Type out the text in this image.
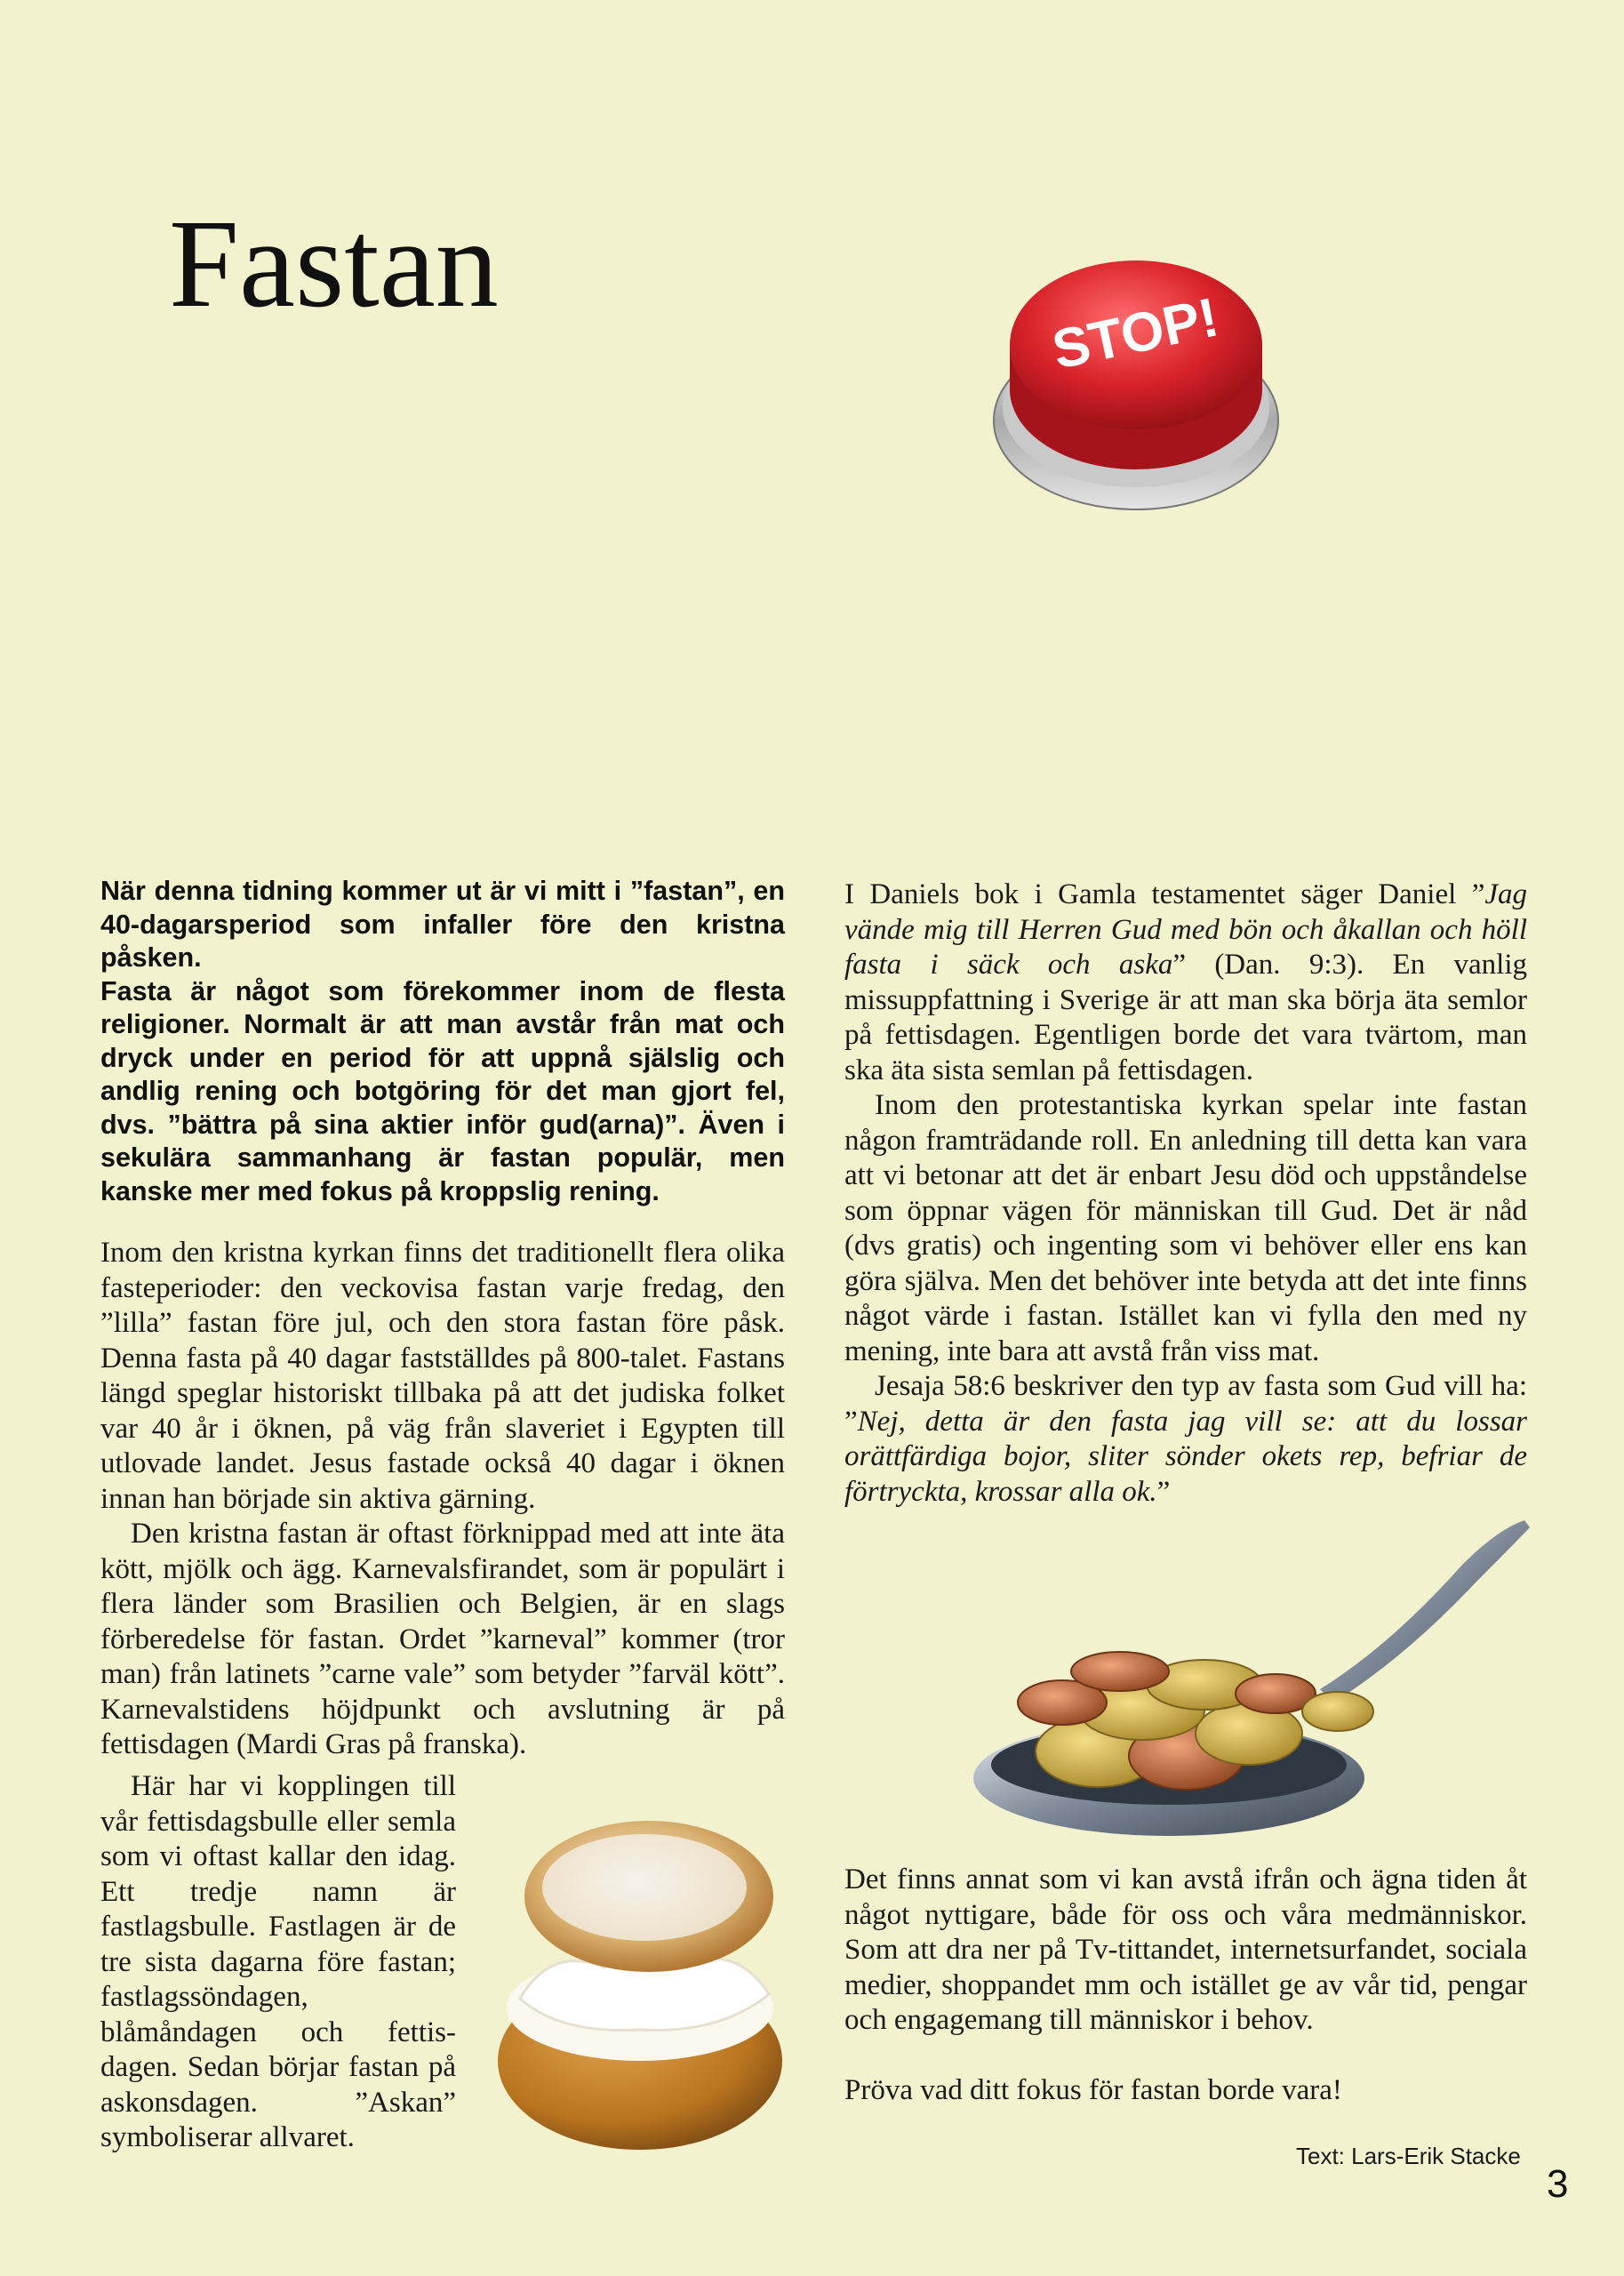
Fastan
STOP!

När denna tidning kommer ut är vi mitt i ”fastan”, en 40-dagarsperiod som infaller före den kristna påsken.

Fasta är något som förekommer inom de flesta religioner. Normalt är att man avstår från mat och dryck under en period för att uppnå själslig och andlig rening och botgöring för det man gjort fel, dvs. ”bättra på sina aktier inför gud(arna)”. Även i sekulära sammanhang är fastan populär, men kanske mer med fokus på kroppslig rening.

Inom den kristna kyrkan finns det traditionellt flera olika fasteperioder: den veckovisa fastan varje fredag, den ”lilla” fastan före jul, och den stora fastan före påsk. Denna fasta på 40 dagar fastställdes på 800-talet. Fastans längd speglar historiskt tillbaka på att det judiska folket var 40 år i öknen, på väg från slaveriet i Egypten till utlovade landet. Jesus fastade också 40 dagar i öknen innan han började sin aktiva gärning.

Den kristna fastan är oftast förknippad med att inte äta kött, mjölk och ägg. Karnevalsfirandet, som är populärt i flera länder som Brasilien och Belgien, är en slags förberedelse för fastan. Ordet ”karneval” kommer (tror man) från latinets ”carne vale” som betyder ”farväl kött”. Karnevalstidens höjdpunkt och avslutning är på fettisdagen (Mardi Gras på franska).

Här har vi kopplingen till vår fettisdagsbulle eller semla som vi oftast kallar den idag. Ett tredje namn är fastlagsbulle. Fastlagen är de tre sista dagarna före fastan; fastlagssöndagen, blåmåndagen och fettis-dagen. Sedan börjar fastan på askonsdagen. ”Askan” symboliserar allvaret.

I Daniels bok i Gamla testamentet säger Daniel ”Jag vände mig till Herren Gud med bön och åkallan och höll fasta i säck och aska” (Dan. 9:3). En vanlig missuppfattning i Sverige är att man ska börja äta semlor på fettisdagen. Egentligen borde det vara tvärtom, man ska äta sista semlan på fettisdagen.

Inom den protestantiska kyrkan spelar inte fastan någon framträdande roll. En anledning till detta kan vara att vi betonar att det är enbart Jesu död och uppståndelse som öppnar vägen för människan till Gud. Det är nåd (dvs gratis) och ingenting som vi behöver eller ens kan göra själva. Men det behöver inte betyda att det inte finns något värde i fastan. Istället kan vi fylla den med ny mening, inte bara att avstå från viss mat.

Jesaja 58:6 beskriver den typ av fasta som Gud vill ha: ”Nej, detta är den fasta jag vill se: att du lossar orättfärdiga bojor, sliter sönder okets rep, befriar de förtryckta, krossar alla ok.”

Det finns annat som vi kan avstå ifrån och ägna tiden åt något nyttigare, både för oss och våra medmänniskor. Som att dra ner på Tv-tittandet, internetsurfandet, sociala medier, shoppandet mm och istället ge av vår tid, pengar och engagemang till människor i behov.

Pröva vad ditt fokus för fastan borde vara!

Text: Lars-Erik Stacke
3
